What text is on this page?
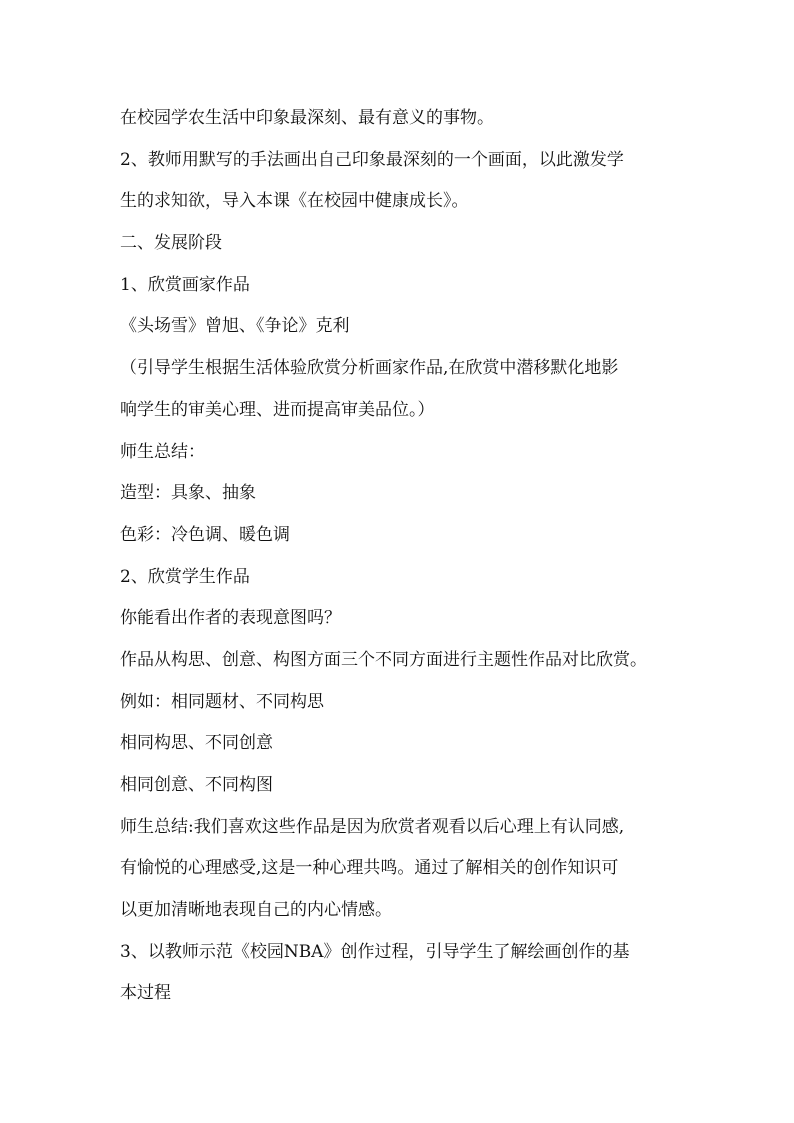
在校园学农生活中印象最深刻、最有意义的事物。
2、教师用默写的手法画出自己印象最深刻的一个画面，以此激发学
生的求知欲，导入本课《在校园中健康成长》。
二、发展阶段
1、欣赏画家作品
《头场雪》曾旭、《争论》克利
（引导学生根据生活体验欣赏分析画家作品,在欣赏中潜移默化地影
响学生的审美心理、进而提高审美品位。）
师生总结：
造型：具象、抽象
色彩：冷色调、暖色调
2、欣赏学生作品
你能看出作者的表现意图吗？
作品从构思、创意、构图方面三个不同方面进行主题性作品对比欣赏。
例如：相同题材、不同构思
相同构思、不同创意
相同创意、不同构图
师生总结:我们喜欢这些作品是因为欣赏者观看以后心理上有认同感,
有愉悦的心理感受,这是一种心理共鸣。通过了解相关的创作知识可
以更加清晰地表现自己的内心情感。
3、以教师示范《校园NBA》创作过程，引导学生了解绘画创作的基
本过程
